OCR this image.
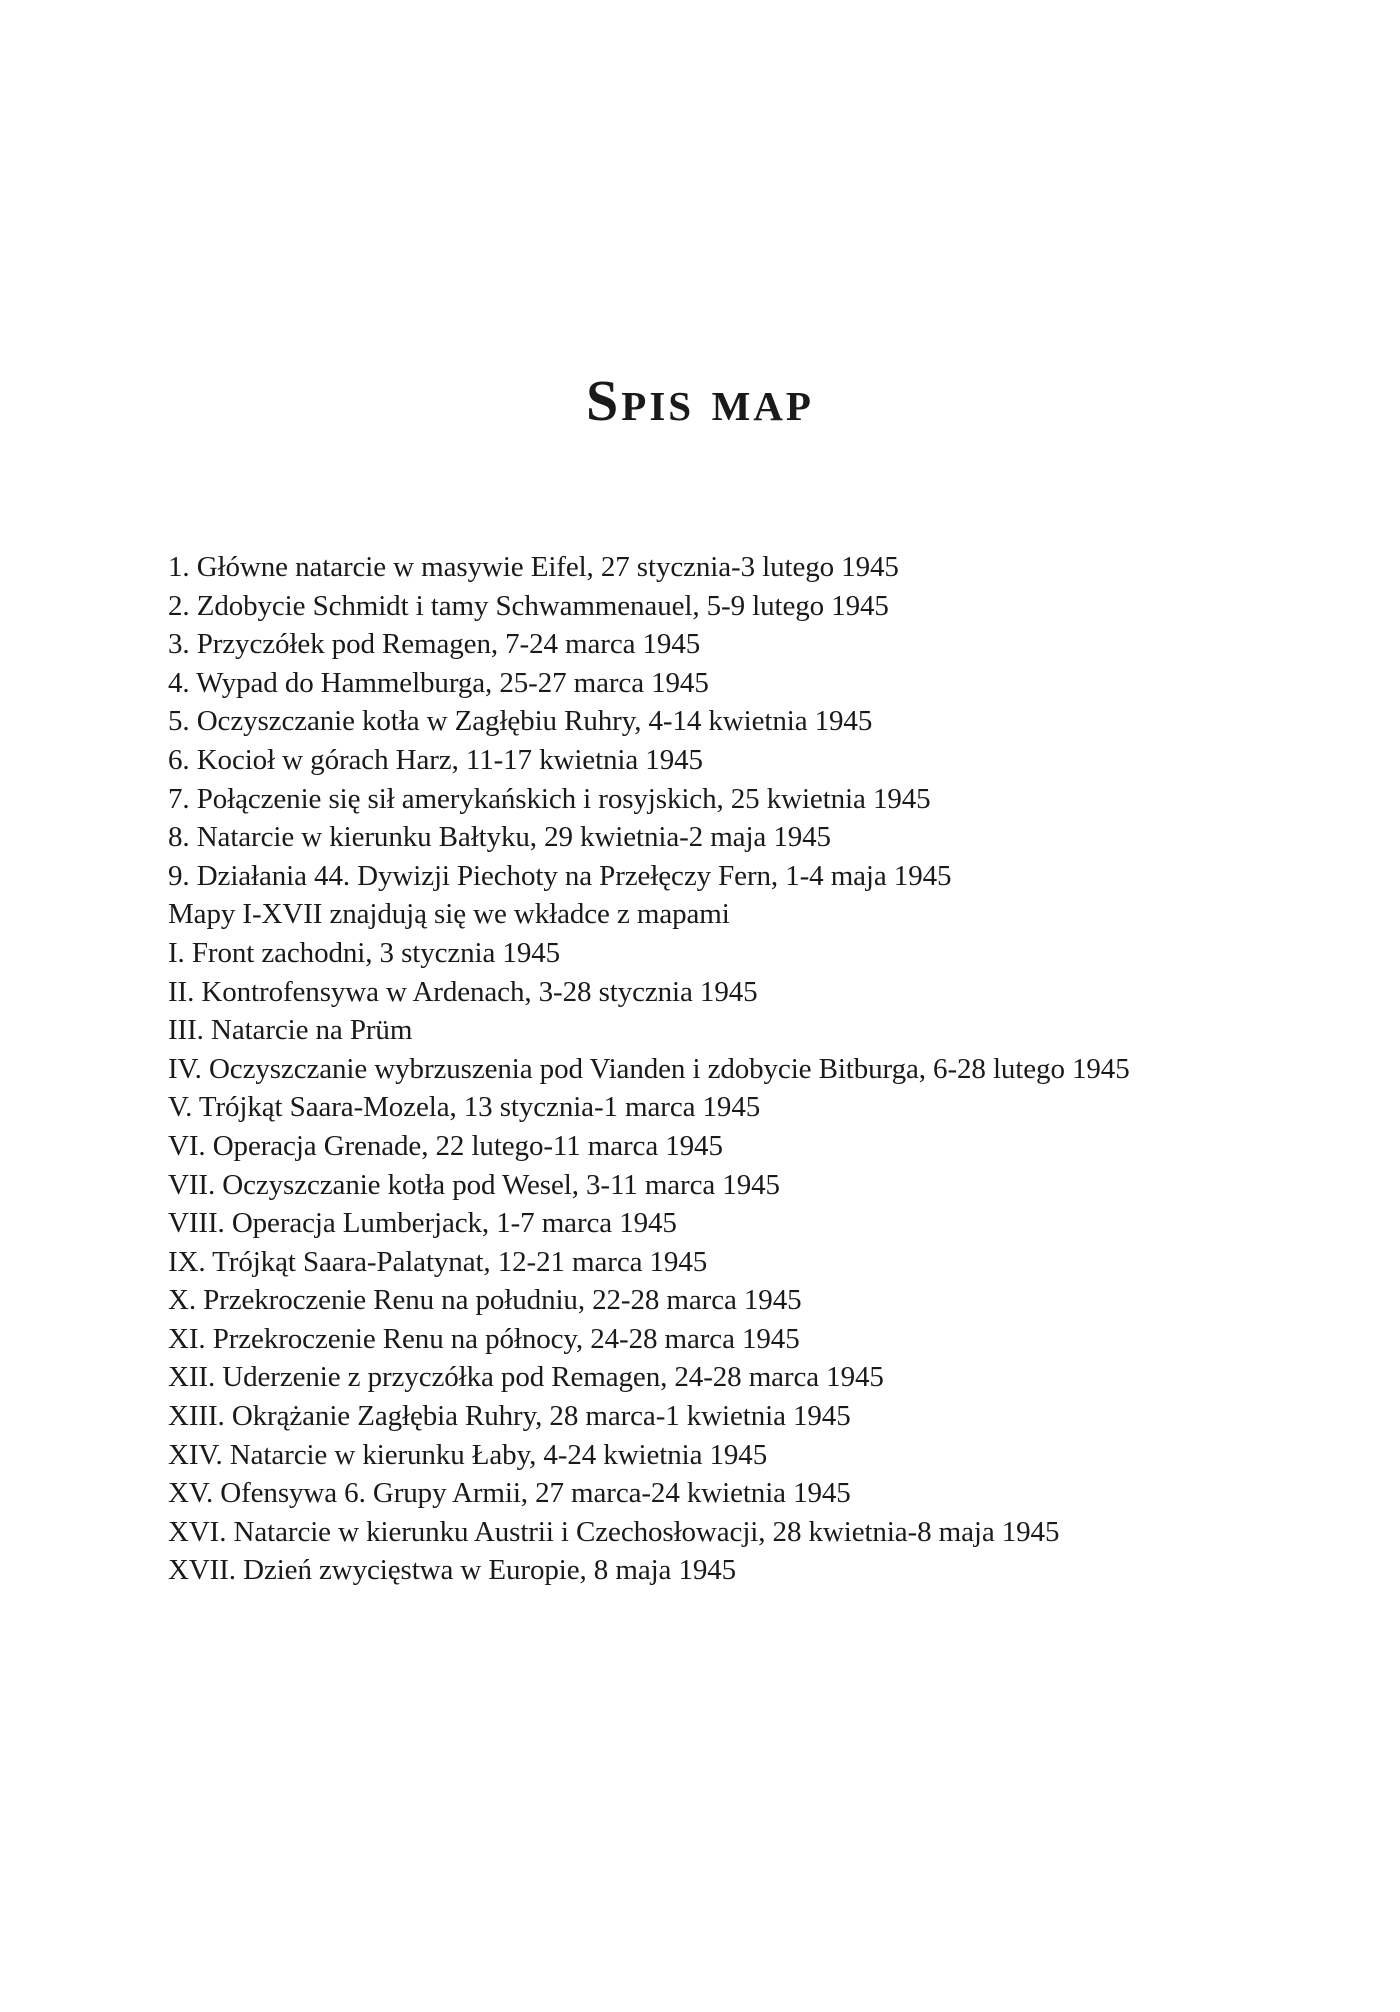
Spis map
1. Główne natarcie w masywie Eifel, 27 stycznia-3 lutego 1945
2. Zdobycie Schmidt i tamy Schwammenauel, 5-9 lutego 1945
3. Przyczółek pod Remagen, 7-24 marca 1945
4. Wypad do Hammelburga, 25-27 marca 1945
5. Oczyszczanie kotła w Zagłębiu Ruhry, 4-14 kwietnia 1945
6. Kocioł w górach Harz, 11-17 kwietnia 1945
7. Połączenie się sił amerykańskich i rosyjskich, 25 kwietnia 1945
8. Natarcie w kierunku Bałtyku, 29 kwietnia-2 maja 1945
9. Działania 44. Dywizji Piechoty na Przełęczy Fern, 1-4 maja 1945
Mapy I-XVII znajdują się we wkładce z mapami
I. Front zachodni, 3 stycznia 1945
II. Kontrofensywa w Ardenach, 3-28 stycznia 1945
III. Natarcie na Prüm
IV. Oczyszczanie wybrzuszenia pod Vianden i zdobycie Bitburga, 6-28 lutego 1945
V. Trójkąt Saara-Mozela, 13 stycznia-1 marca 1945
VI. Operacja Grenade, 22 lutego-11 marca 1945
VII. Oczyszczanie kotła pod Wesel, 3-11 marca 1945
VIII. Operacja Lumberjack, 1-7 marca 1945
IX. Trójkąt Saara-Palatynat, 12-21 marca 1945
X. Przekroczenie Renu na południu, 22-28 marca 1945
XI. Przekroczenie Renu na północy, 24-28 marca 1945
XII. Uderzenie z przyczółka pod Remagen, 24-28 marca 1945
XIII. Okrążanie Zagłębia Ruhry, 28 marca-1 kwietnia 1945
XIV. Natarcie w kierunku Łaby, 4-24 kwietnia 1945
XV. Ofensywa 6. Grupy Armii, 27 marca-24 kwietnia 1945
XVI. Natarcie w kierunku Austrii i Czechosłowacji, 28 kwietnia-8 maja 1945
XVII. Dzień zwycięstwa w Europie, 8 maja 1945
